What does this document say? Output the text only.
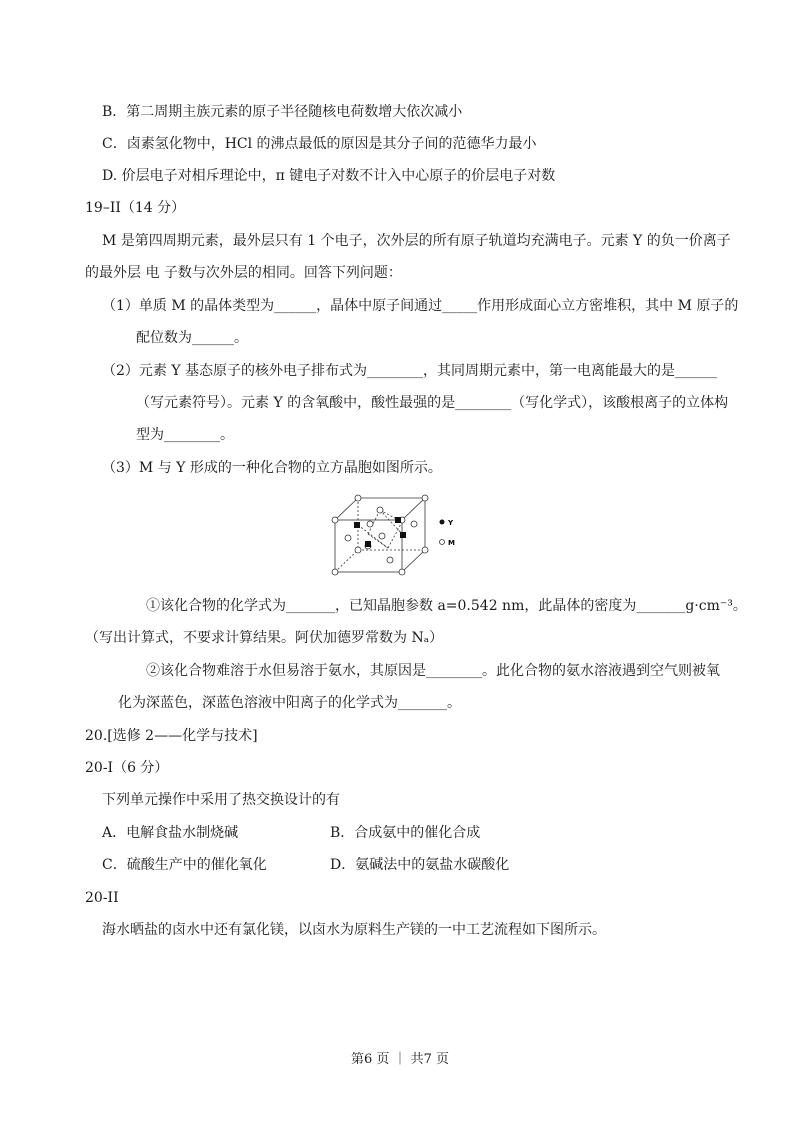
B．第二周期主族元素的原子半径随核电荷数增大依次减小
C．卤素氢化物中，HCl 的沸点最低的原因是其分子间的范德华力最小
D. 价层电子对相斥理论中，π 键电子对数不计入中心原子的价层电子对数
19–II（14 分）
M 是第四周期元素，最外层只有 1 个电子，次外层的所有原子轨道均充满电子。元素 Y 的负一价离子
的最外层 电 子数与次外层的相同。回答下列问题：
（1）单质 M 的晶体类型为______，晶体中原子间通过_____作用形成面心立方密堆积，其中 M 原子的
配位数为______。
（2）元素 Y 基态原子的核外电子排布式为________，其同周期元素中，第一电离能最大的是______
（写元素符号）。元素 Y 的含氧酸中，酸性最强的是________（写化学式），该酸根离子的立体构
型为________。
（3）M 与 Y 形成的一种化合物的立方晶胞如图所示。
Y
M
①该化合物的化学式为_______，已知晶胞参数 a=0.542 nm，此晶体的密度为_______g·cm⁻³。
（写出计算式，不要求计算结果。阿伏加德罗常数为 Nₐ）
②该化合物难溶于水但易溶于氨水，其原因是________。此化合物的氨水溶液遇到空气则被氧
化为深蓝色，深蓝色溶液中阳离子的化学式为_______。
20.[选修 2——化学与技术]
20-I（6 分）
下列单元操作中采用了热交换设计的有
A．电解食盐水制烧碱	B．合成氨中的催化合成
C．硫酸生产中的催化氧化	D．氨碱法中的氨盐水碳酸化
20-II
海水晒盐的卤水中还有氯化镁，以卤水为原料生产镁的一中工艺流程如下图所示。
第6 页 ｜ 共7 页
